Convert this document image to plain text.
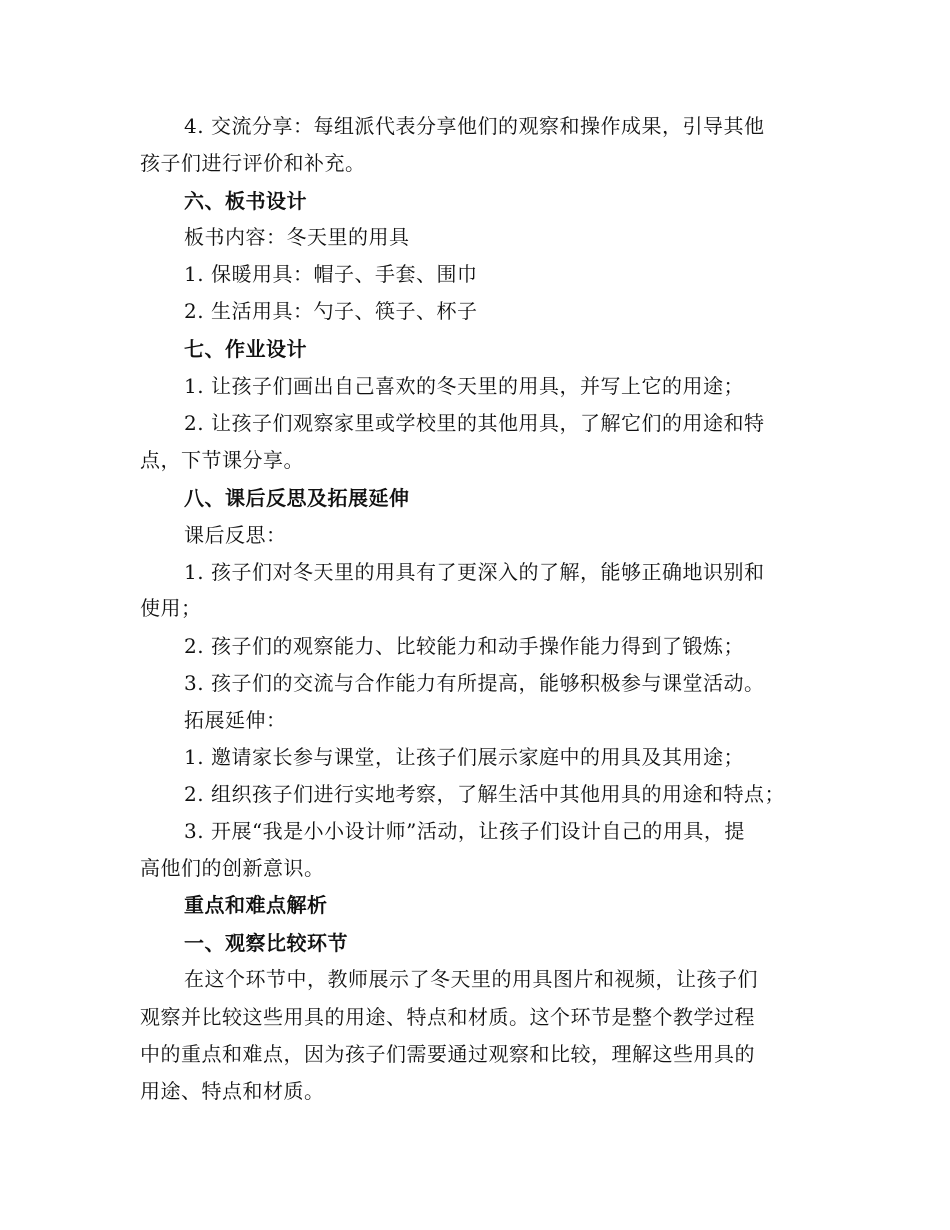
4. 交流分享：每组派代表分享他们的观察和操作成果，引导其他
孩子们进行评价和补充。
六、板书设计
板书内容：冬天里的用具
1. 保暖用具：帽子、手套、围巾
2. 生活用具：勺子、筷子、杯子
七、作业设计
1. 让孩子们画出自己喜欢的冬天里的用具，并写上它的用途；
2. 让孩子们观察家里或学校里的其他用具，了解它们的用途和特
点，下节课分享。
八、课后反思及拓展延伸
课后反思：
1. 孩子们对冬天里的用具有了更深入的了解，能够正确地识别和
使用；
2. 孩子们的观察能力、比较能力和动手操作能力得到了锻炼；
3. 孩子们的交流与合作能力有所提高，能够积极参与课堂活动。
拓展延伸：
1. 邀请家长参与课堂，让孩子们展示家庭中的用具及其用途；
2. 组织孩子们进行实地考察，了解生活中其他用具的用途和特点；
3. 开展“我是小小设计师”活动，让孩子们设计自己的用具，提
高他们的创新意识。
重点和难点解析
一、观察比较环节
在这个环节中，教师展示了冬天里的用具图片和视频，让孩子们
观察并比较这些用具的用途、特点和材质。这个环节是整个教学过程
中的重点和难点，因为孩子们需要通过观察和比较，理解这些用具的
用途、特点和材质。
